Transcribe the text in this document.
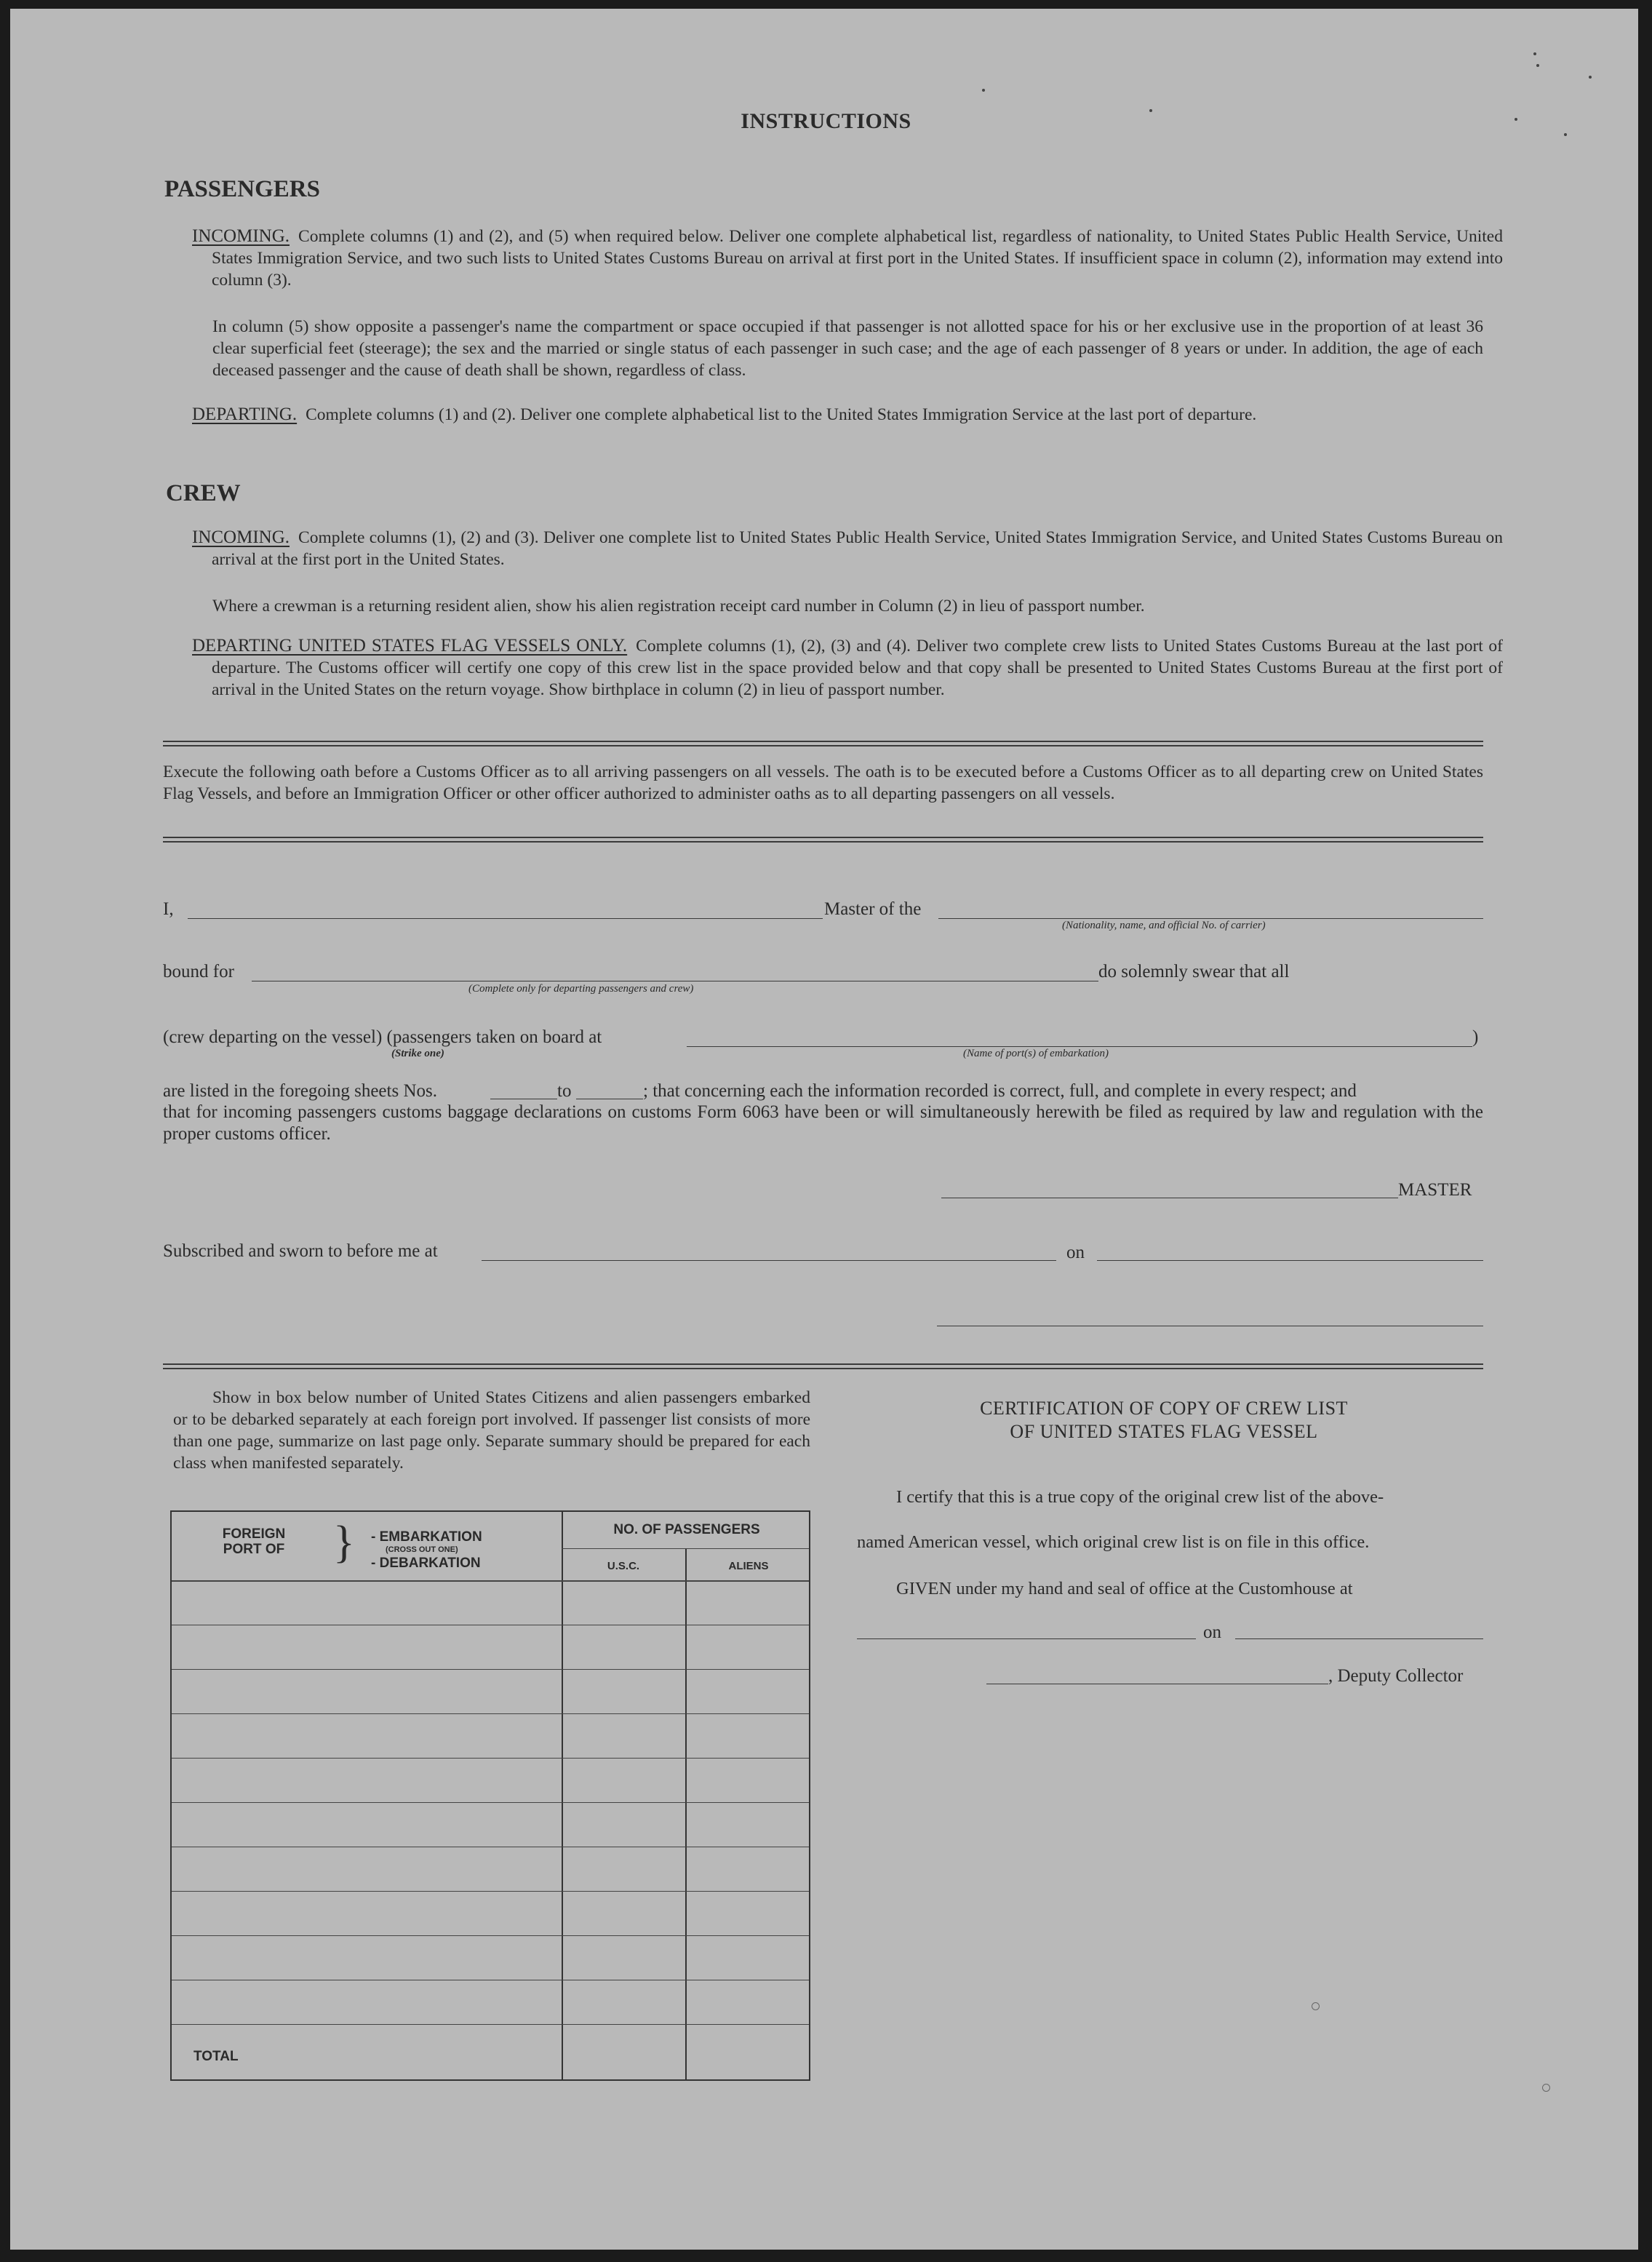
INSTRUCTIONS
PASSENGERS
INCOMING. Complete columns (1) and (2), and (5) when required below. Deliver one complete alphabetical list, regardless of nationality, to United States Public Health Service, United States Immigration Service, and two such lists to United States Customs Bureau on arrival at first port in the United States. If insufficient space in column (2), information may extend into column (3).
In column (5) show opposite a passenger's name the compartment or space occupied if that passenger is not allotted space for his or her exclusive use in the proportion of at least 36 clear superficial feet (steerage); the sex and the married or single status of each passenger in such case; and the age of each passenger of 8 years or under. In addition, the age of each deceased passenger and the cause of death shall be shown, regardless of class.
DEPARTING. Complete columns (1) and (2). Deliver one complete alphabetical list to the United States Immigration Service at the last port of departure.
CREW
INCOMING. Complete columns (1), (2) and (3). Deliver one complete list to United States Public Health Service, United States Immigration Service, and United States Customs Bureau on arrival at the first port in the United States.
Where a crewman is a returning resident alien, show his alien registration receipt card number in Column (2) in lieu of passport number.
DEPARTING UNITED STATES FLAG VESSELS ONLY. Complete columns (1), (2), (3) and (4). Deliver two complete crew lists to United States Customs Bureau at the last port of departure. The Customs officer will certify one copy of this crew list in the space provided below and that copy shall be presented to United States Customs Bureau at the first port of arrival in the United States on the return voyage. Show birthplace in column (2) in lieu of passport number.
Execute the following oath before a Customs Officer as to all arriving passengers on all vessels. The oath is to be executed before a Customs Officer as to all departing crew on United States Flag Vessels, and before an Immigration Officer or other officer authorized to administer oaths as to all departing passengers on all vessels.
I,	Master of the
(Nationality, name, and official No. of carrier)
bound for
(Complete only for departing passengers and crew)
do solemnly swear that all
(crew departing on the vessel) (passengers taken on board at	)
(Strike one)	(Name of port(s) of embarkation)
are listed in the foregoing sheets Nos.	to	; that concerning each the information recorded is correct, full, and complete in every respect; and
that for incoming passengers customs baggage declarations on customs Form 6063 have been or will simultaneously herewith be filed as required by law and regulation with the proper customs officer.
MASTER
Subscribed and sworn to before me at	on
Show in box below number of United States Citizens and alien passengers embarked or to be debarked separately at each foreign port involved. If passenger list consists of more than one page, summarize on last page only. Separate summary should be prepared for each class when manifested separately.
FOREIGN PORT OF } - EMBARKATION
(CROSS OUT ONE)
- DEBARKATION
NO. OF PASSENGERS
U.S.C.	ALIENS
TOTAL
CERTIFICATION OF COPY OF CREW LIST
OF UNITED STATES FLAG VESSEL
I certify that this is a true copy of the original crew list of the above-
named American vessel, which original crew list is on file in this office.
GIVEN under my hand and seal of office at the Customhouse at
on
, Deputy Collector
